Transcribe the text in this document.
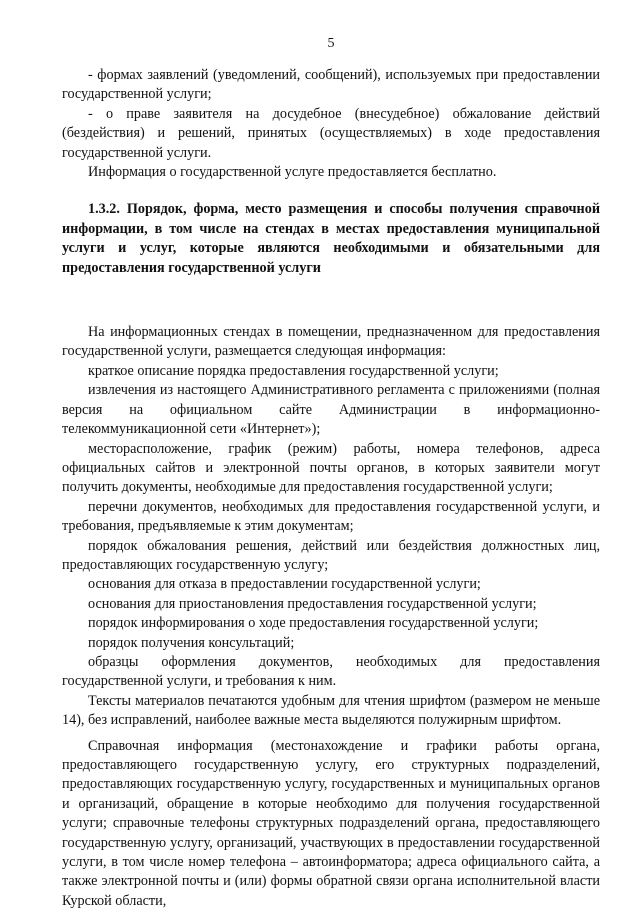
5

- формах заявлений (уведомлений, сообщений), используемых при предоставлении государственной услуги;

- о праве заявителя на досудебное (внесудебное) обжалование действий (бездействия) и решений, принятых (осуществляемых) в ходе предоставления государственной услуги.

Информация о государственной услуге предоставляется бесплатно.

1.3.2. Порядок, форма, место размещения и способы получения справочной информации, в том числе на стендах в местах предоставления муниципальной услуги и услуг, которые являются необходимыми и обязательными для предоставления государственной услуги

На информационных стендах в помещении, предназначенном для предоставления государственной услуги, размещается следующая информация:

краткое описание порядка предоставления государственной услуги;

извлечения из настоящего Административного регламента с приложениями (полная версия на официальном сайте Администрации в информационно-телекоммуникационной сети «Интернет»);

месторасположение, график (режим) работы, номера телефонов, адреса официальных сайтов и электронной почты органов, в которых заявители могут получить документы, необходимые для предоставления государственной услуги;

перечни документов, необходимых для предоставления государственной услуги, и требования, предъявляемые к этим документам;

порядок обжалования решения, действий или бездействия должностных лиц, предоставляющих государственную услугу;

основания для отказа в предоставлении государственной услуги;

основания для приостановления предоставления государственной услуги;

порядок информирования о ходе предоставления государственной услуги;

порядок получения консультаций;

образцы оформления документов, необходимых для предоставления государственной услуги, и требования к ним.

Тексты материалов печатаются удобным для чтения шрифтом (размером не меньше 14), без исправлений, наиболее важные места выделяются полужирным шрифтом.

Справочная информация (местонахождение и графики работы органа, предоставляющего государственную услугу, его структурных подразделений, предоставляющих государственную услугу, государственных и муниципальных органов и организаций, обращение в которые необходимо для получения государственной услуги; справочные телефоны структурных подразделений органа, предоставляющего государственную услугу, организаций, участвующих в предоставлении государственной услуги, в том числе номер телефона – автоинформатора; адреса официального сайта, а также электронной почты и (или) формы обратной связи органа исполнительной власти Курской области,
